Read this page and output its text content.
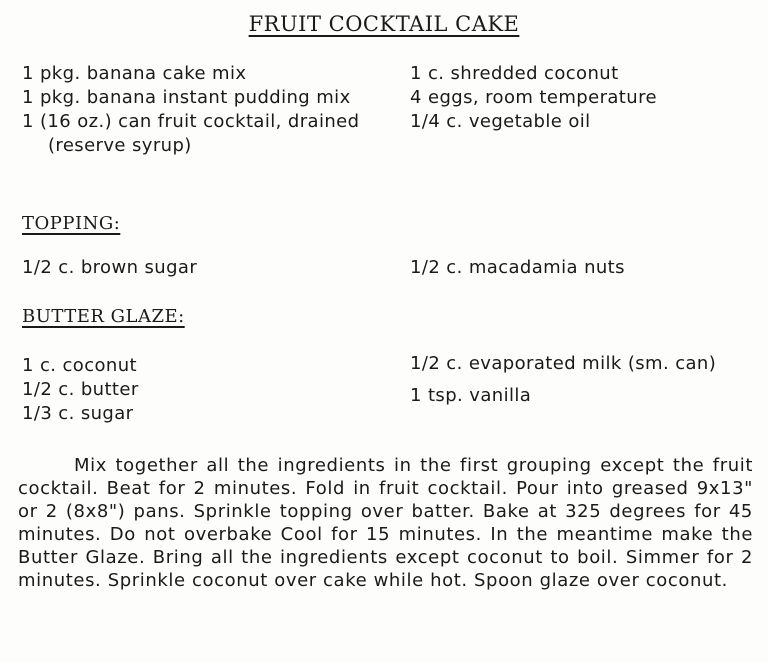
FRUIT COCKTAIL CAKE
1 pkg. banana cake mix
1 pkg. banana instant pudding mix
1 (16 oz.) can fruit cocktail, drained (reserve syrup)
1 c. shredded coconut
4 eggs, room temperature
1/4 c. vegetable oil
TOPPING:
1/2 c. brown sugar	1/2 c. macadamia nuts
BUTTER GLAZE:
1 c. coconut
1/2 c. butter
1/3 c. sugar
1/2 c. evaporated milk (sm. can)
1 tsp. vanilla
Mix together all the ingredients in the first grouping except the fruit cocktail. Beat for 2 minutes. Fold in fruit cocktail. Pour into greased 9x13" or 2 (8x8") pans. Sprinkle topping over batter. Bake at 325 degrees for 45 minutes. Do not overbake Cool for 15 minutes. In the meantime make the Butter Glaze. Bring all the ingredients except coconut to boil. Simmer for 2 minutes. Sprinkle coconut over cake while hot. Spoon glaze over coconut.
